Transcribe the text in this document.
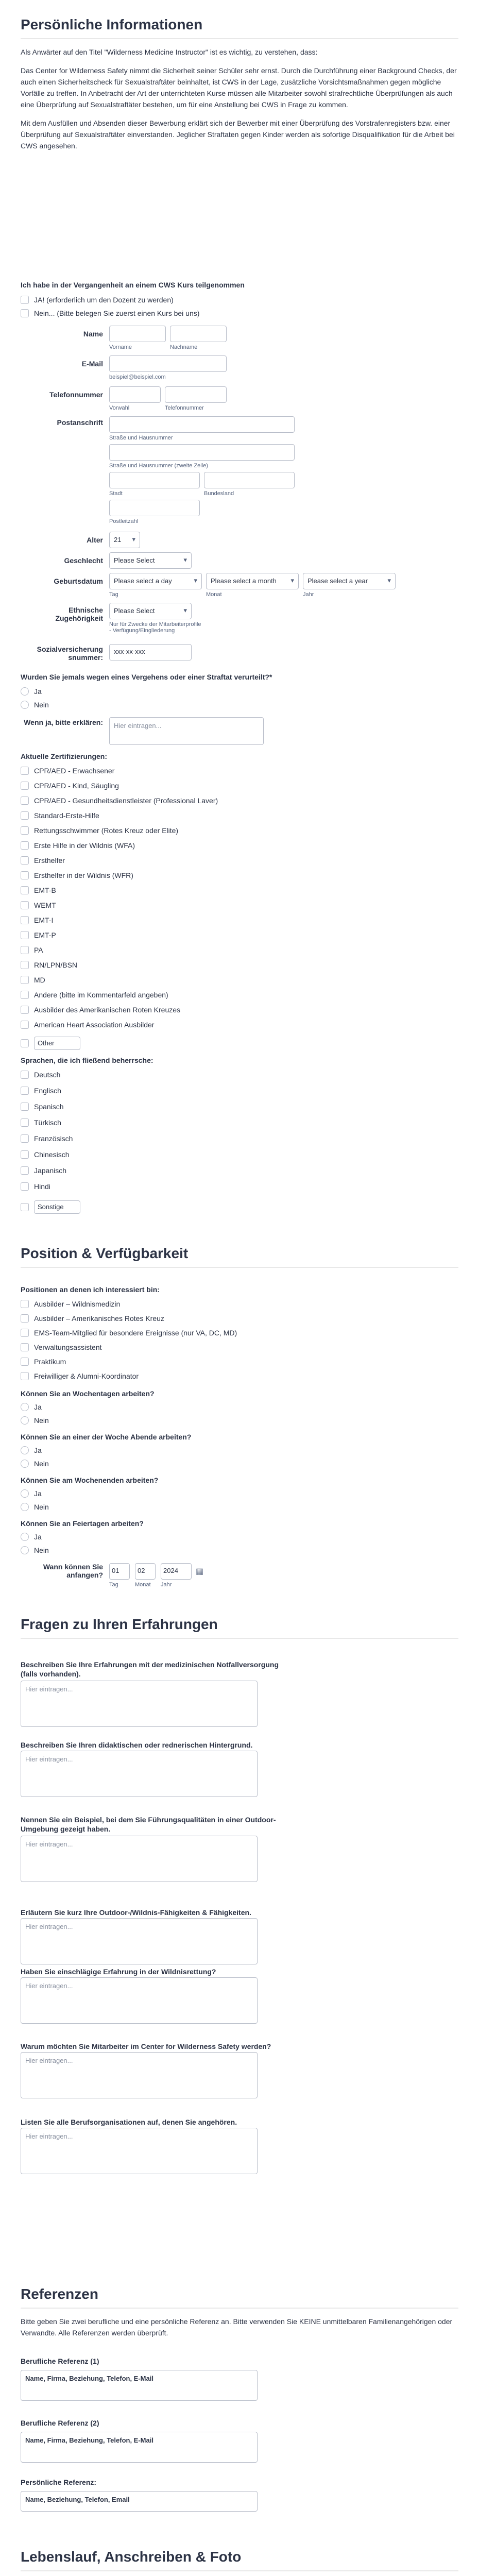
Persönliche Informationen
Als Anwärter auf den Titel "Wilderness Medicine Instructor" ist es wichtig, zu verstehen, dass:
Das Center for Wilderness Safety nimmt die Sicherheit seiner Schüler sehr ernst. Durch die Durchführung einer Background Checks, der auch einen Sicherheitscheck für Sexualstraftäter beinhaltet, ist CWS in der Lage, zusätzliche Vorsichtsmaßnahmen gegen mögliche Vorfälle zu treffen. In Anbetracht der Art der unterrichteten Kurse müssen alle Mitarbeiter sowohl strafrechtliche Überprüfungen als auch eine Überprüfung auf Sexualstraftäter bestehen, um für eine Anstellung bei CWS in Frage zu kommen.
Mit dem Ausfüllen und Absenden dieser Bewerbung erklärt sich der Bewerber mit einer Überprüfung des Vorstrafenregisters bzw. einer Überprüfung auf Sexualstraftäter einverstanden. Jeglicher Straftaten gegen Kinder werden als sofortige Disqualifikation für die Arbeit bei CWS angesehen.
Ich habe in der Vergangenheit an einem CWS Kurs teilgenommen
JA! (erforderlich um den Dozent zu werden)
Nein... (Bitte belegen Sie zuerst einen Kurs bei uns)
Name
Vorname	Nachname
E-Mail
beispiel@beispiel.com
Telefonnummer
Vorwahl	Telefonnummer
Postanschrift
Straße und Hausnummer
Straße und Hausnummer (zweite Zeile)
Stadt	Bundesland
Postleitzahl
Alter	21 ▾
Geschlecht	Please Select ▾
Geburtsdatum	Please select a day ▾	Please select a month ▾	Please select a year ▾
Tag	Monat	Jahr
Ethnische Zugehörigkeit
Please Select ▾
Nur für Zwecke der Mitarbeiterprofile - Verfügung/Eingliederung
Sozialversicherung snummer:
xxx-xx-xxx
Wurden Sie jemals wegen eines Vergehens oder einer Straftat verurteilt?*
Ja
Nein
Wenn ja, bitte erklären:	Hier eintragen...
Aktuelle Zertifizierungen:
CPR/AED - Erwachsener
CPR/AED - Kind, Säugling
CPR/AED - Gesundheitsdienstleister (Professional Laver)
Standard-Erste-Hilfe
Rettungsschwimmer (Rotes Kreuz oder Elite)
Erste Hilfe in der Wildnis (WFA)
Ersthelfer
Ersthelfer in der Wildnis (WFR)
EMT-B
WEMT
EMT-I
EMT-P
PA
RN/LPN/BSN
MD
Andere (bitte im Kommentarfeld angeben)
Ausbilder des Amerikanischen Roten Kreuzes
American Heart Association Ausbilder
Other
Sprachen, die ich fließend beherrsche:
Deutsch
Englisch
Spanisch
Türkisch
Französisch
Chinesisch
Japanisch
Hindi
Sonstige
Position & Verfügbarkeit
Positionen an denen ich interessiert bin:
Ausbilder – Wildnismedizin
Ausbilder – Amerikanisches Rotes Kreuz
EMS-Team-Mitglied für besondere Ereignisse (nur VA, DC, MD)
Verwaltungsassistent
Praktikum
Freiwilliger & Alumni-Koordinator
Können Sie an Wochentagen arbeiten?
Ja
Nein
Können Sie an einer der Woche Abende arbeiten?
Ja
Nein
Können Sie am Wochenenden arbeiten?
Ja
Nein
Können Sie an Feiertagen arbeiten?
Ja
Nein
Wann können Sie anfangen?
01	02	2024	▦
Tag	Monat Jahr
Fragen zu Ihren Erfahrungen
Beschreiben Sie Ihre Erfahrungen mit der medizinischen Notfallversorgung (falls vorhanden).
Hier eintragen...
Beschreiben Sie Ihren didaktischen oder rednerischen Hintergrund.
Hier eintragen...
Nennen Sie ein Beispiel, bei dem Sie Führungsqualitäten in einer Outdoor-Umgebung gezeigt haben.
Hier eintragen...
Erläutern Sie kurz Ihre Outdoor-/Wildnis-Fähigkeiten & Fähigkeiten.
Hier eintragen...
Haben Sie einschlägige Erfahrung in der Wildnisrettung?
Hier eintragen...
Warum möchten Sie Mitarbeiter im Center for Wilderness Safety werden?
Hier eintragen...
Listen Sie alle Berufsorganisationen auf, denen Sie angehören.
Hier eintragen...
Referenzen
Bitte geben Sie zwei berufliche und eine persönliche Referenz an. Bitte verwenden Sie KEINE unmittelbaren Familienangehörigen oder Verwandte. Alle Referenzen werden überprüft.
Berufliche Referenz (1)
Name, Firma, Beziehung, Telefon, E-Mail
Berufliche Referenz (2)
Name, Firma, Beziehung, Telefon, E-Mail
Persönliche Referenz:
Name, Beziehung, Telefon, Email
Lebenslauf, Anschreiben & Foto
